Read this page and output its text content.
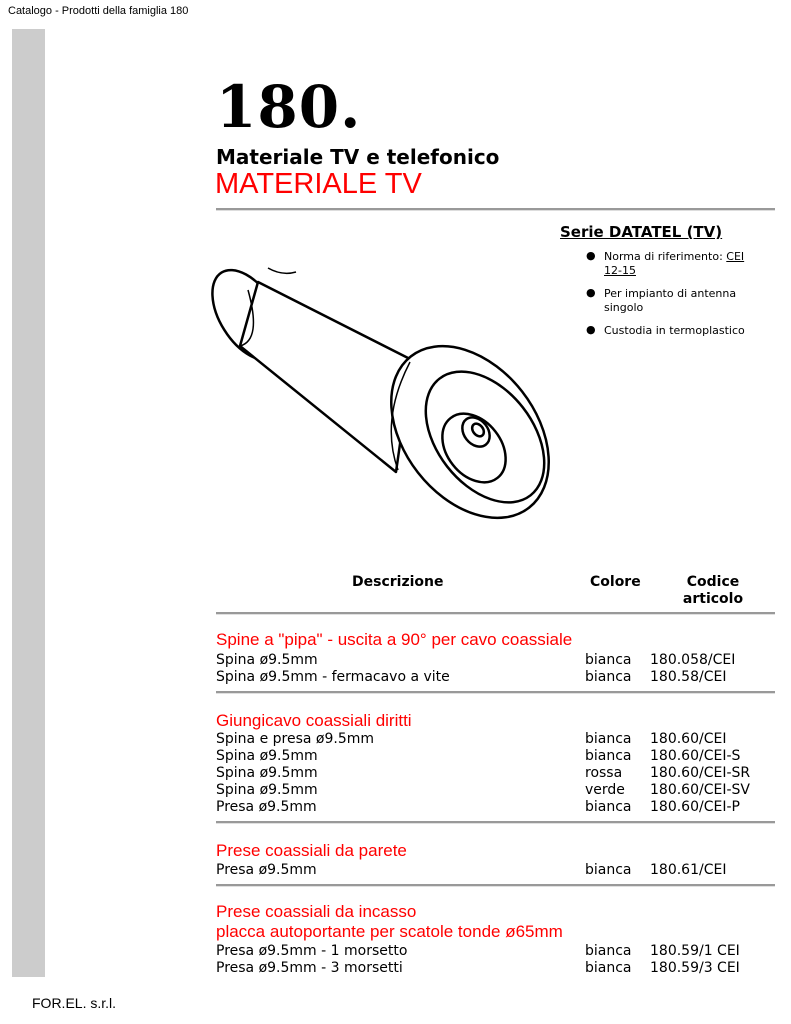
Catalogo - Prodotti della famiglia 180
180.
Materiale TV e telefonico
MATERIALE TV
Serie DATATEL (TV)
● Norma di riferimento: CEI 12-15
● Per impianto di antenna singolo
● Custodia in termoplastico
Descrizione	Colore	Codice articolo
Spine a "pipa" - uscita a 90° per cavo coassiale
Spina ø9.5mm	bianca 180.058/CEI
Spina ø9.5mm - fermacavo a vite	bianca 180.58/CEI
Giungicavo coassiali diritti
Spina e presa ø9.5mm	bianca 180.60/CEI
Spina ø9.5mm	bianca 180.60/CEI-S
Spina ø9.5mm	rossa 180.60/CEI-SR
Spina ø9.5mm	verde 180.60/CEI-SV
Presa ø9.5mm	bianca 180.60/CEI-P
Prese coassiali da parete
Presa ø9.5mm	bianca 180.61/CEI
Prese coassiali da incasso
placca autoportante per scatole tonde ø65mm
Presa ø9.5mm - 1 morsetto	bianca 180.59/1 CEI
Presa ø9.5mm - 3 morsetti	bianca 180.59/3 CEI
FOR.EL. s.r.l.
